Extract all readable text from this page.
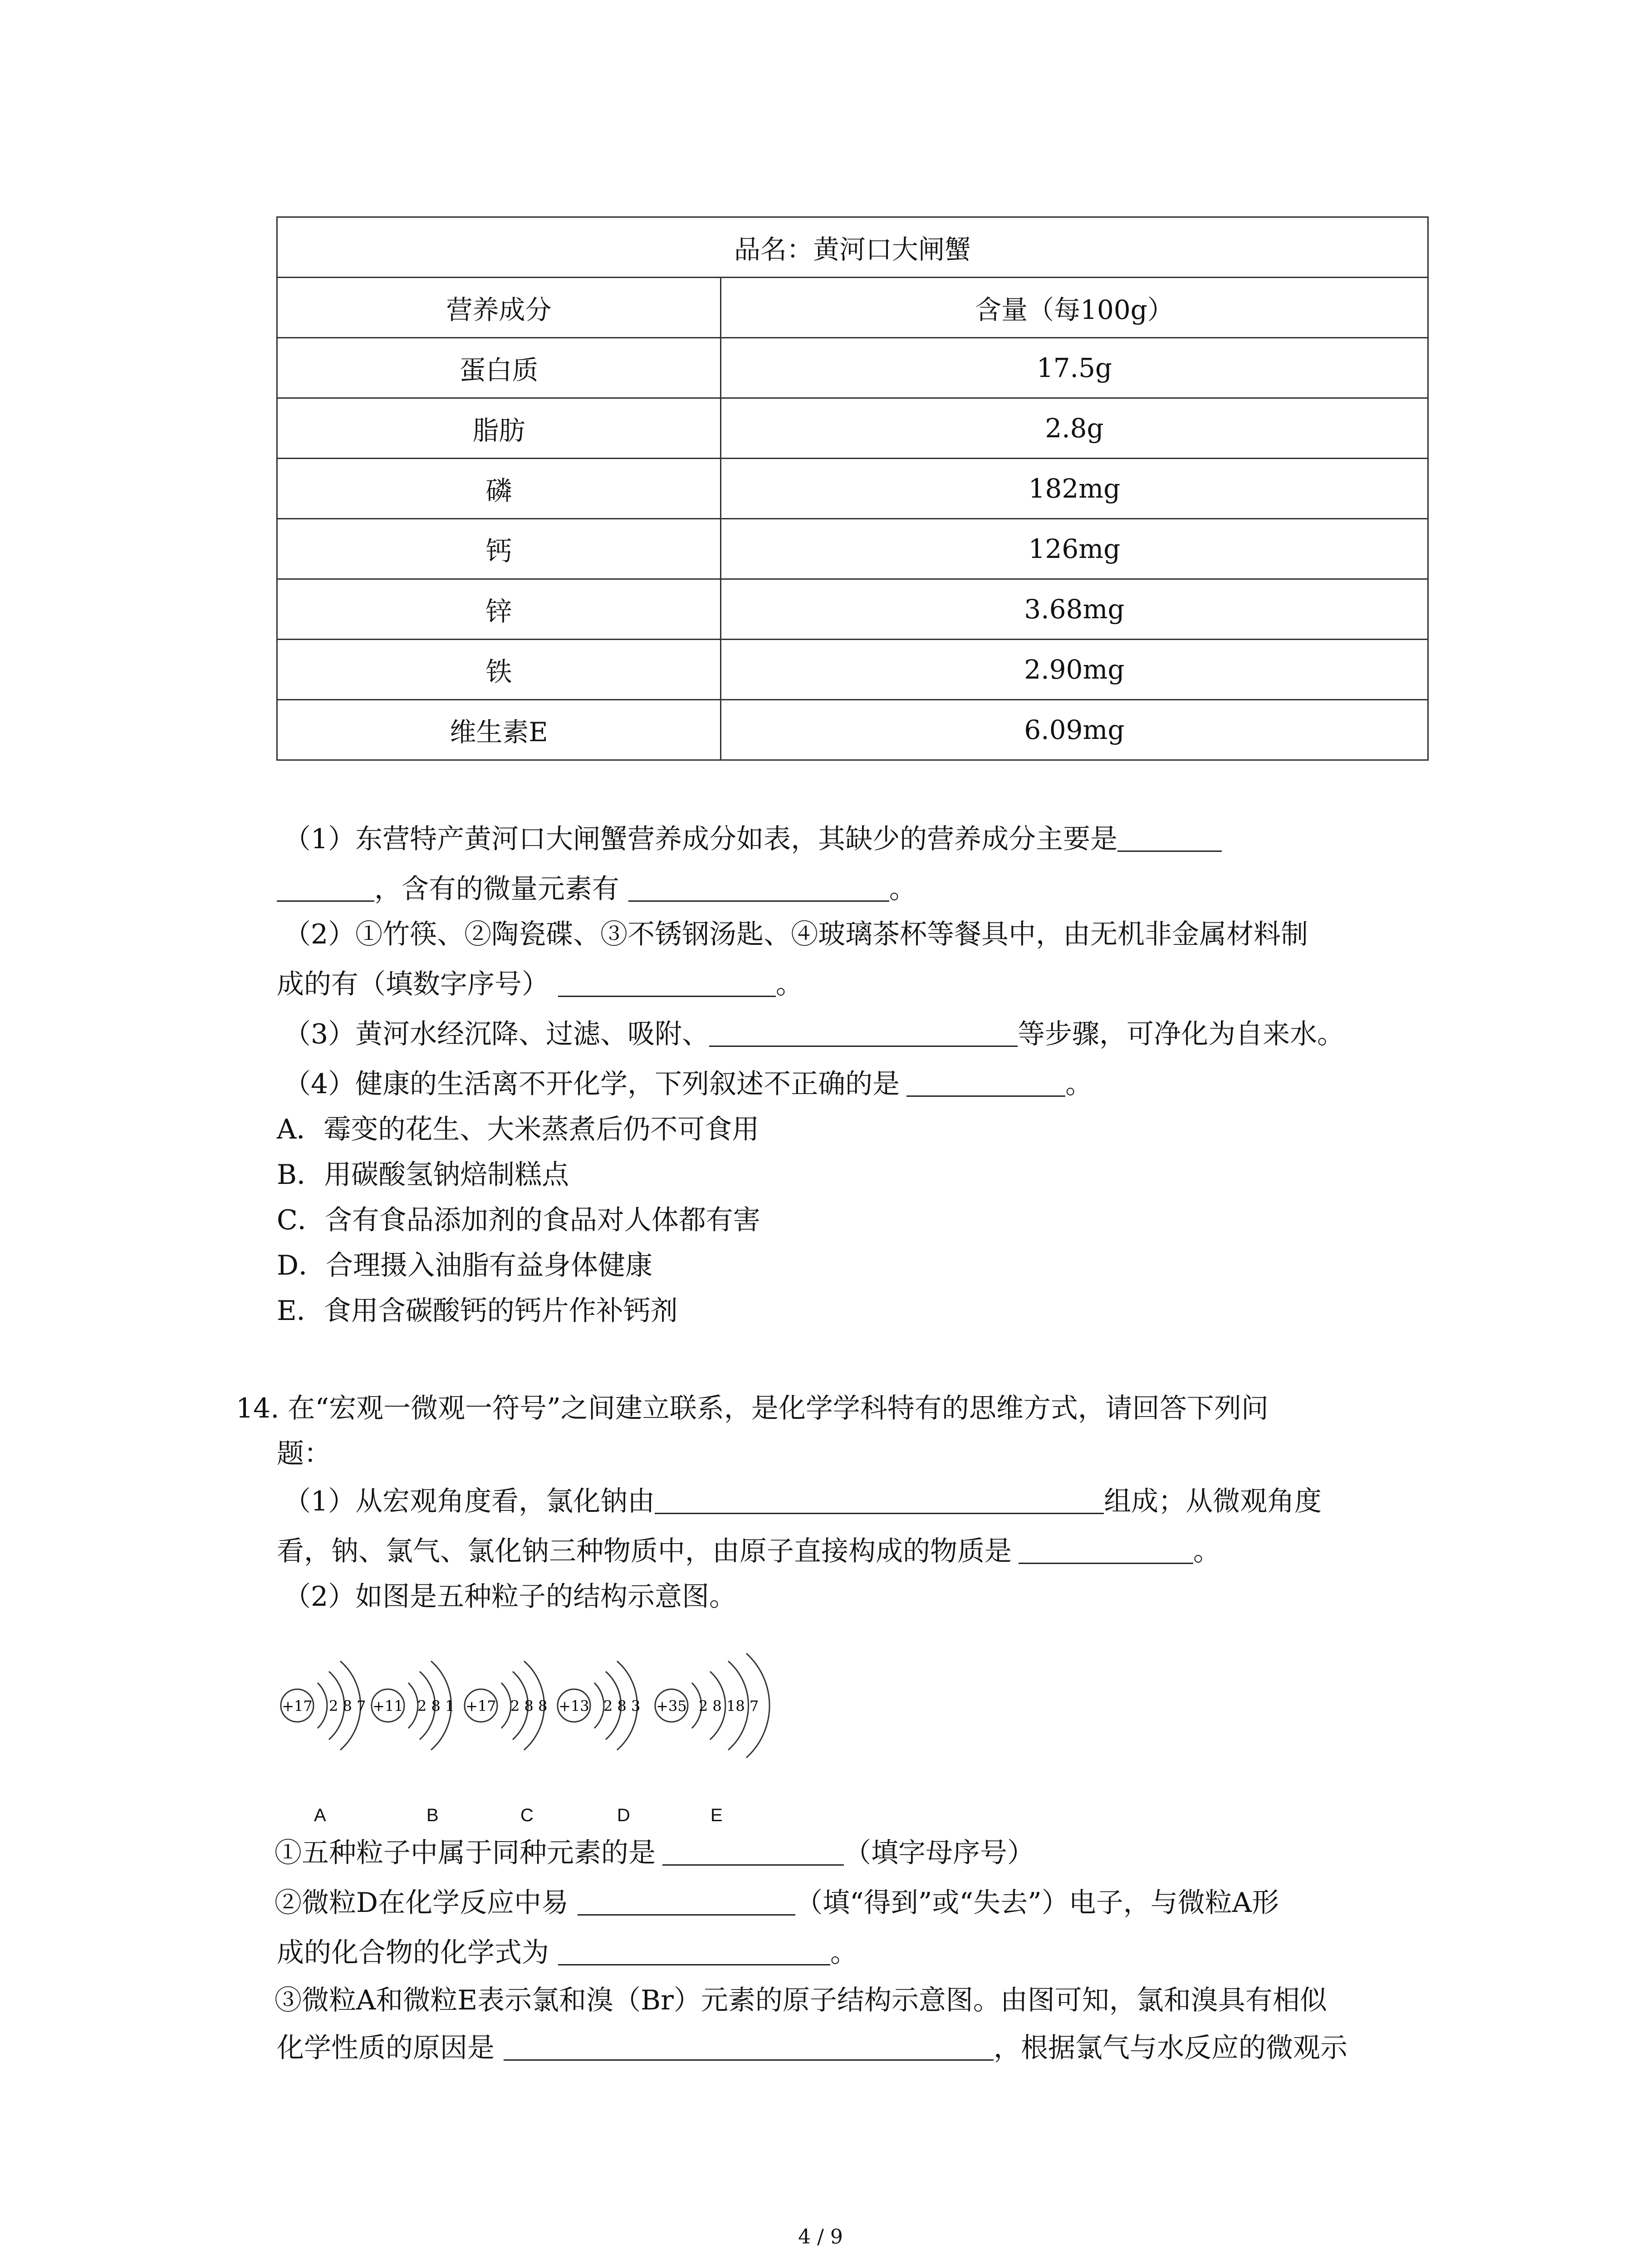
品名：黄河口大闸蟹	
营养成分	含量（每100g）
蛋白质	17.5g
脂肪	2.8g
磷	182mg
钙	126mg
锌	3.68mg
铁	2.90mg
维生素E	6.09mg
（1）东营特产黄河口大闸蟹营养成分如表，其缺少的营养成分主要是
，含有的微量元素有	。
（2）①竹筷、②陶瓷碟、③不锈钢汤匙、④玻璃茶杯等餐具中，由无机非金属材料制
成的有（填数字序号）	。
（3）黄河水经沉降、过滤、吸附、	等步骤，可净化为自来水。
（4）健康的生活离不开化学，下列叙述不正确的是	。
A．霉变的花生、大米蒸煮后仍不可食用
B．用碳酸氢钠焙制糕点
C．含有食品添加剂的食品对人体都有害
D．合理摄入油脂有益身体健康
E．食用含碳酸钙的钙片作补钙剂
14. 在“宏观一微观一符号”之间建立联系，是化学学科特有的思维方式，请回答下列问
题：
（1）从宏观角度看，氯化钠由	组成；从微观角度
看，钠、氯气、氯化钠三种物质中，由原子直接构成的物质是	。
（2）如图是五种粒子的结构示意图。
+17 2 8 7 +11 2 8 1 +17 2 8 8 +13 2 8 3 +35 2 8 18 7
A	B	C	D	E
①五种粒子中属于同种元素的是	（填字母序号）
②微粒D在化学反应中易	（填“得到”或“失去”）电子，与微粒A形
成的化合物的化学式为	。
③微粒A和微粒E表示氯和溴（Br）元素的原子结构示意图。由图可知，氯和溴具有相似
化学性质的原因是	，根据氯气与水反应的微观示
4 / 9
